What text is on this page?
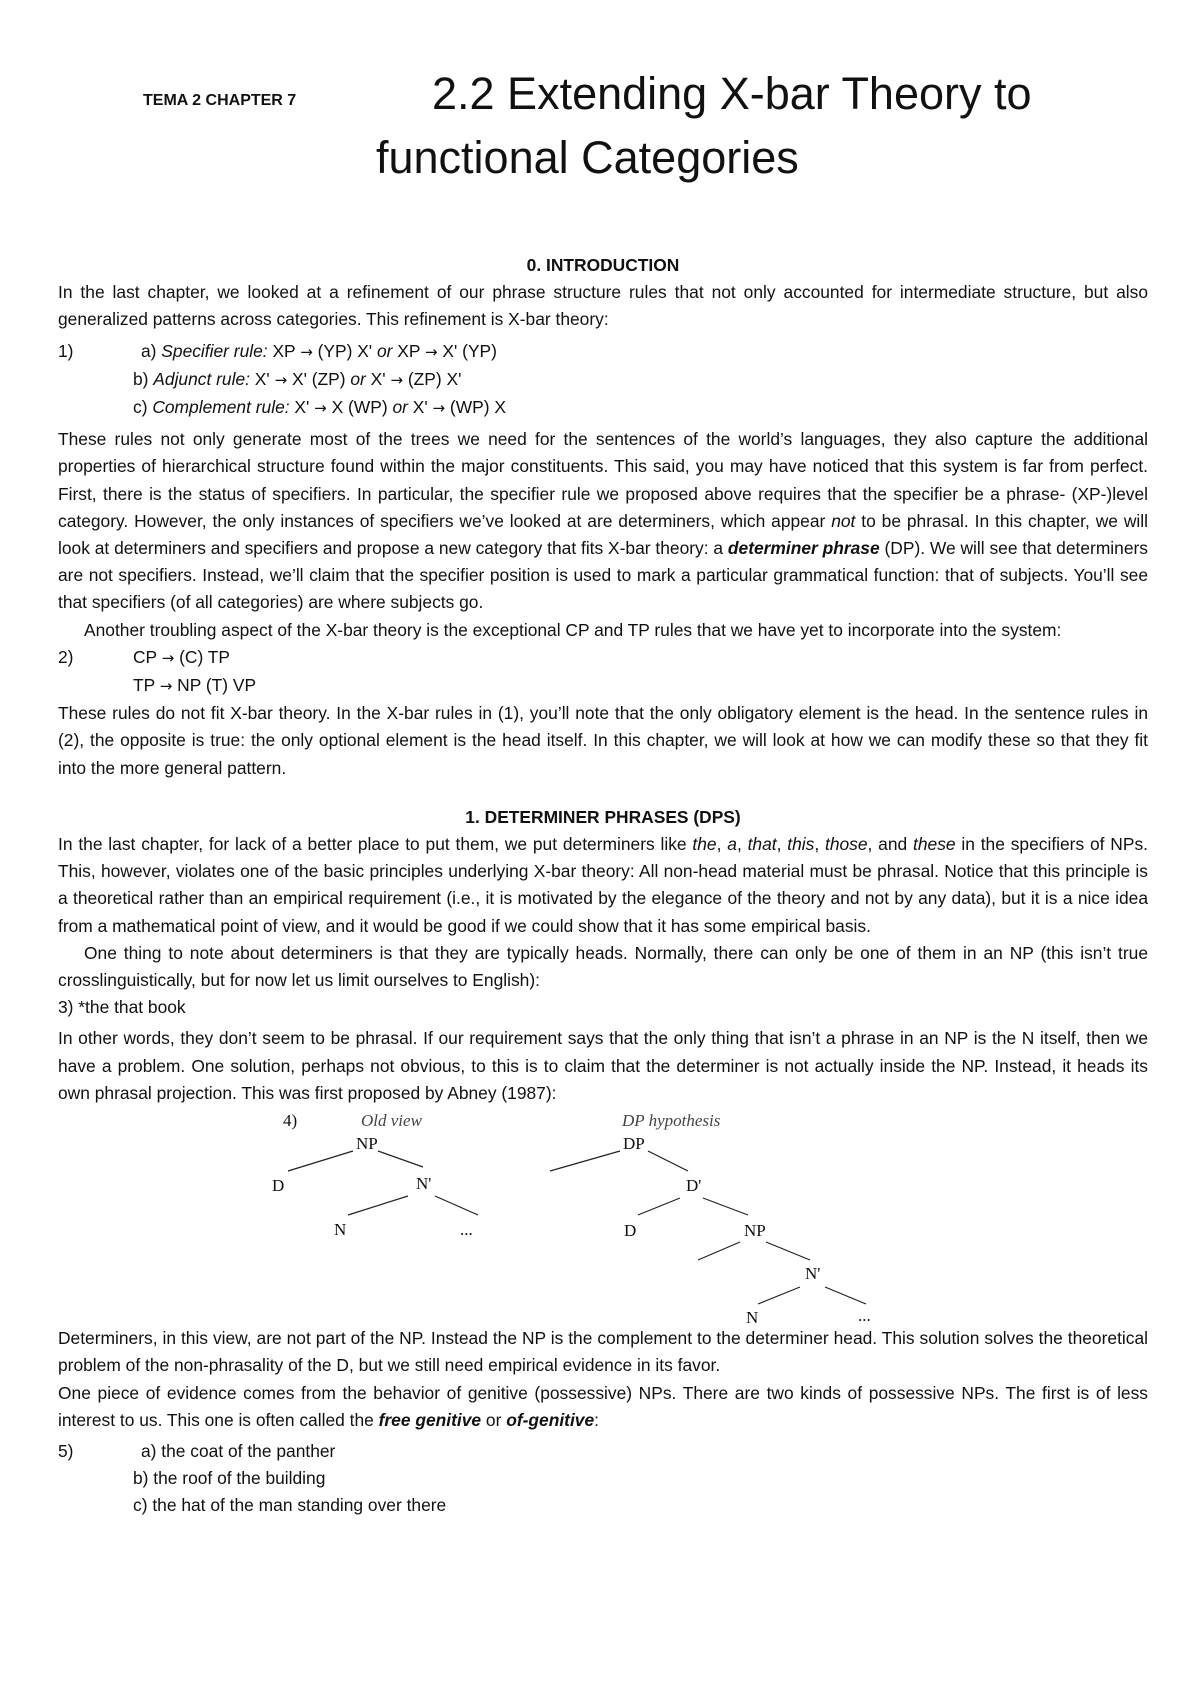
TEMA 2 CHAPTER 7	2.2 Extending X-bar Theory to
functional Categories

0. INTRODUCTION

In the last chapter, we looked at a refinement of our phrase structure rules that not only accounted for intermediate structure, but also generalized patterns across categories. This refinement is X-bar theory:

1)	a) Specifier rule: XP → (YP) X' or XP → X' (YP)
b) Adjunct rule: X' → X' (ZP) or X' → (ZP) X'
c) Complement rule: X' → X (WP) or X' → (WP) X

These rules not only generate most of the trees we need for the sentences of the world’s languages, they also capture the additional properties of hierarchical structure found within the major constituents. This said, you may have noticed that this system is far from perfect. First, there is the status of specifiers. In particular, the specifier rule we proposed above requires that the specifier be a phrase- (XP-)level category. However, the only instances of specifiers we’ve looked at are determiners, which appear not to be phrasal. In this chapter, we will look at determiners and specifiers and propose a new category that fits X-bar theory: a determiner phrase (DP). We will see that determiners are not specifiers. Instead, we’ll claim that the specifier position is used to mark a particular grammatical function: that of subjects. You’ll see that specifiers (of all categories) are where subjects go.

Another troubling aspect of the X-bar theory is the exceptional CP and TP rules that we have yet to incorporate into the system:

2)	CP → (C) TP
TP → NP (T) VP

These rules do not fit X-bar theory. In the X-bar rules in (1), you’ll note that the only obligatory element is the head. In the sentence rules in (2), the opposite is true: the only optional element is the head itself. In this chapter, we will look at how we can modify these so that they fit into the more general pattern.

1. DETERMINER PHRASES (DPS)

In the last chapter, for lack of a better place to put them, we put determiners like the, a, that, this, those, and these in the specifiers of NPs. This, however, violates one of the basic principles underlying X-bar theory: All non-head material must be phrasal. Notice that this principle is a theoretical rather than an empirical requirement (i.e., it is motivated by the elegance of the theory and not by any data), but it is a nice idea from a mathematical point of view, and it would be good if we could show that it has some empirical basis.

One thing to note about determiners is that they are typically heads. Normally, there can only be one of them in an NP (this isn’t true crosslinguistically, but for now let us limit ourselves to English):

3) *the that book

In other words, they don’t seem to be phrasal. If our requirement says that the only thing that isn’t a phrase in an NP is the N itself, then we have a problem. One solution, perhaps not obvious, to this is to claim that the determiner is not actually inside the NP. Instead, it heads its own phrasal projection. This was first proposed by Abney (1987):

4)	Old view	DP hypothesis
NP
D	N'
N	...
DP
D'
D	NP
N'
N	...

Determiners, in this view, are not part of the NP. Instead the NP is the complement to the determiner head. This solution solves the theoretical problem of the non-phrasality of the D, but we still need empirical evidence in its favor.

One piece of evidence comes from the behavior of genitive (possessive) NPs. There are two kinds of possessive NPs. The first is of less interest to us. This one is often called the free genitive or of-genitive:

5)	a) the coat of the panther
b) the roof of the building
c) the hat of the man standing over there
